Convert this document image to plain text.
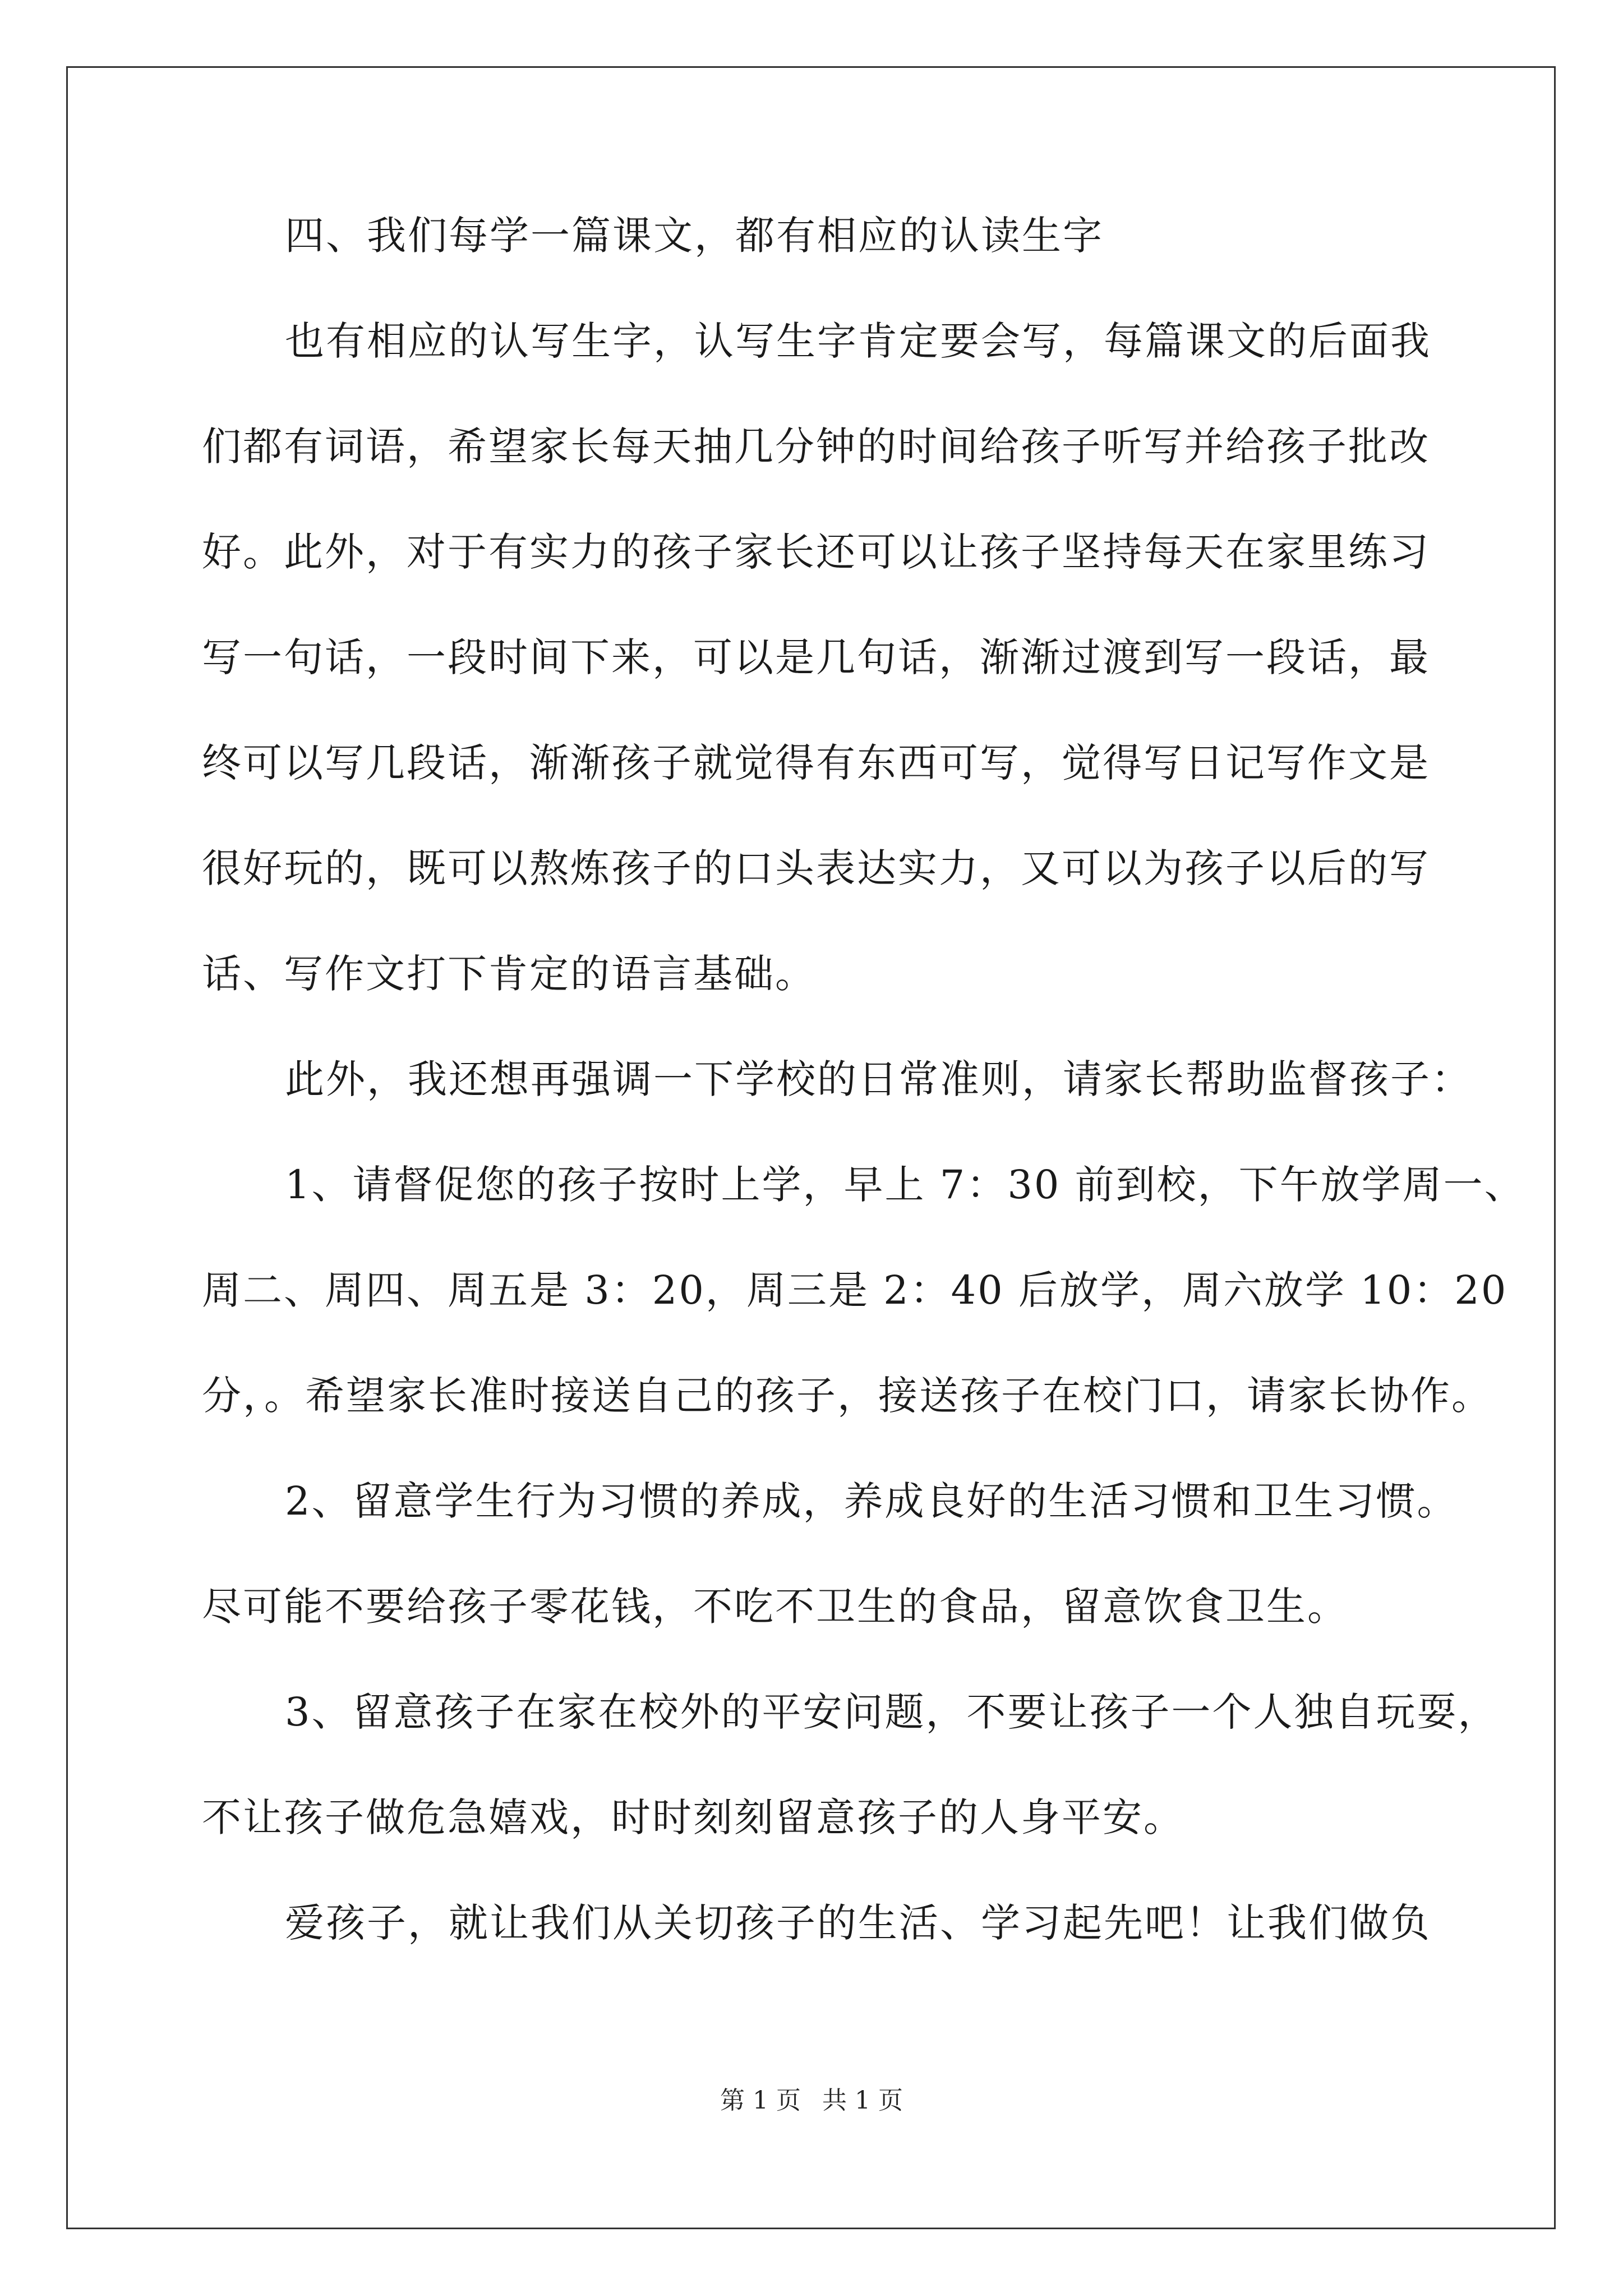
四、我们每学一篇课文，都有相应的认读生字
也有相应的认写生字，认写生字肯定要会写，每篇课文的后面我
们都有词语，希望家长每天抽几分钟的时间给孩子听写并给孩子批改
好。此外，对于有实力的孩子家长还可以让孩子坚持每天在家里练习
写一句话，一段时间下来，可以是几句话，渐渐过渡到写一段话，最
终可以写几段话，渐渐孩子就觉得有东西可写，觉得写日记写作文是
很好玩的，既可以熬炼孩子的口头表达实力，又可以为孩子以后的写
话、写作文打下肯定的语言基础。
此外，我还想再强调一下学校的日常准则，请家长帮助监督孩子：
1、请督促您的孩子按时上学，早上 7：30 前到校，下午放学周一、
周二、周四、周五是 3：20，周三是 2：40 后放学，周六放学 10：20
分，。希望家长准时接送自己的孩子，接送孩子在校门口，请家长协作。
2、留意学生行为习惯的养成，养成良好的生活习惯和卫生习惯。
尽可能不要给孩子零花钱，不吃不卫生的食品，留意饮食卫生。
3、留意孩子在家在校外的平安问题，不要让孩子一个人独自玩耍，
不让孩子做危急嬉戏，时时刻刻留意孩子的人身平安。
爱孩子，就让我们从关切孩子的生活、学习起先吧！让我们做负
第 1 页 共 1 页
